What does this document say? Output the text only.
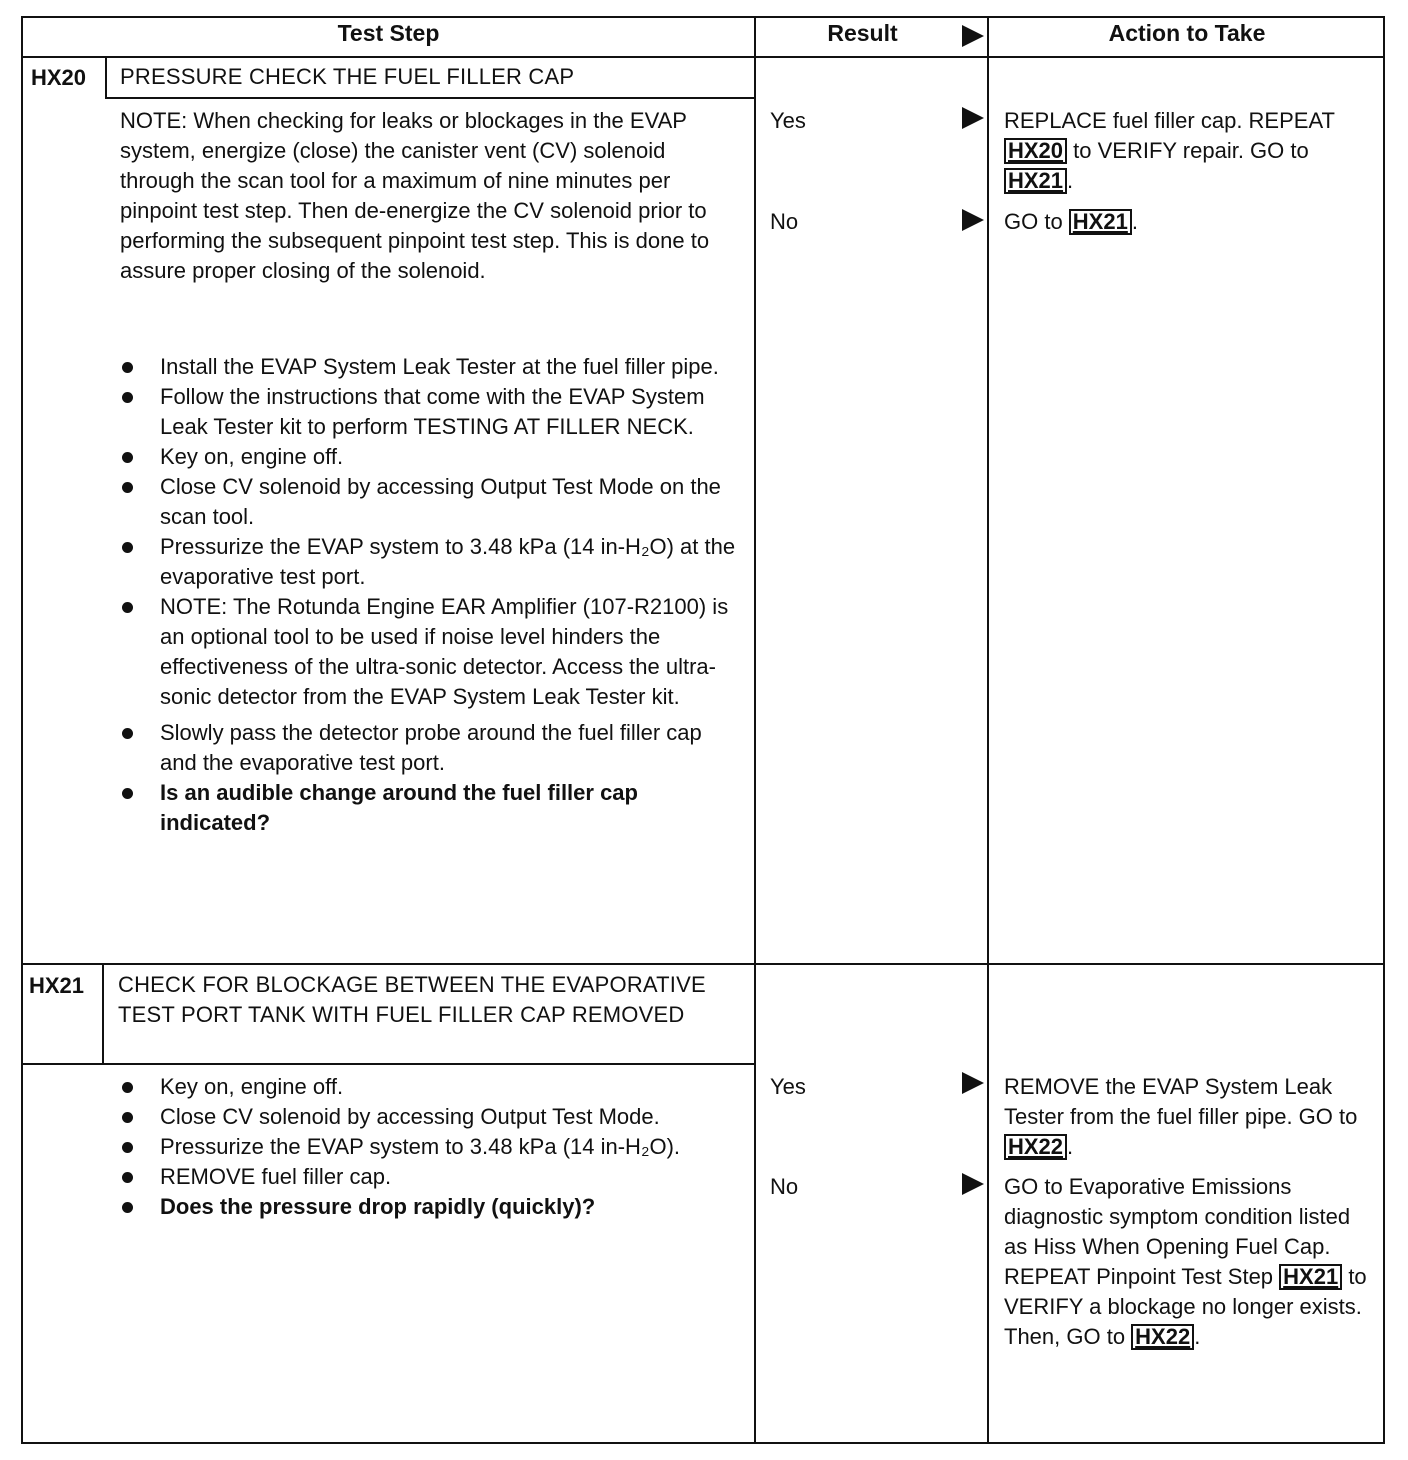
Test Step	Result	Action to Take
HX20 PRESSURE CHECK THE FUEL FILLER CAP

NOTE: When checking for leaks or blockages in the EVAP system, energize (close) the canister vent (CV) solenoid through the scan tool for a maximum of nine minutes per pinpoint test step. Then de-energize the CV solenoid prior to performing the subsequent pinpoint test step. This is done to assure proper closing of the solenoid.

Install the EVAP System Leak Tester at the fuel filler pipe.
Follow the instructions that come with the EVAP System Leak Tester kit to perform TESTING AT FILLER NECK.
Key on, engine off.
Close CV solenoid by accessing Output Test Mode on the scan tool.
Pressurize the EVAP system to 3.48 kPa (14 in-H₂O) at the evaporative test port.
NOTE: The Rotunda Engine EAR Amplifier (107-R2100) is an optional tool to be used if noise level hinders the effectiveness of the ultra-sonic detector. Access the ultra-sonic detector from the EVAP System Leak Tester kit.
Slowly pass the detector probe around the fuel filler cap and the evaporative test port.
Is an audible change around the fuel filler cap indicated?
Yes
No
REPLACE fuel filler cap. REPEAT HX20 to VERIFY repair. GO to HX21 .
GO to HX21 .
HX21 CHECK FOR BLOCKAGE BETWEEN THE EVAPORATIVE TEST PORT TANK WITH FUEL FILLER CAP REMOVED
Key on, engine off.
Close CV solenoid by accessing Output Test Mode.
Pressurize the EVAP system to 3.48 kPa (14 in-H₂O).
REMOVE fuel filler cap.
Does the pressure drop rapidly (quickly)?
Yes
No
REMOVE the EVAP System Leak Tester from the fuel filler pipe. GO to HX22 .
GO to Evaporative Emissions diagnostic symptom condition listed as Hiss When Opening Fuel Cap. REPEAT Pinpoint Test Step HX21 to VERIFY a blockage no longer exists. Then, GO to HX22 .
